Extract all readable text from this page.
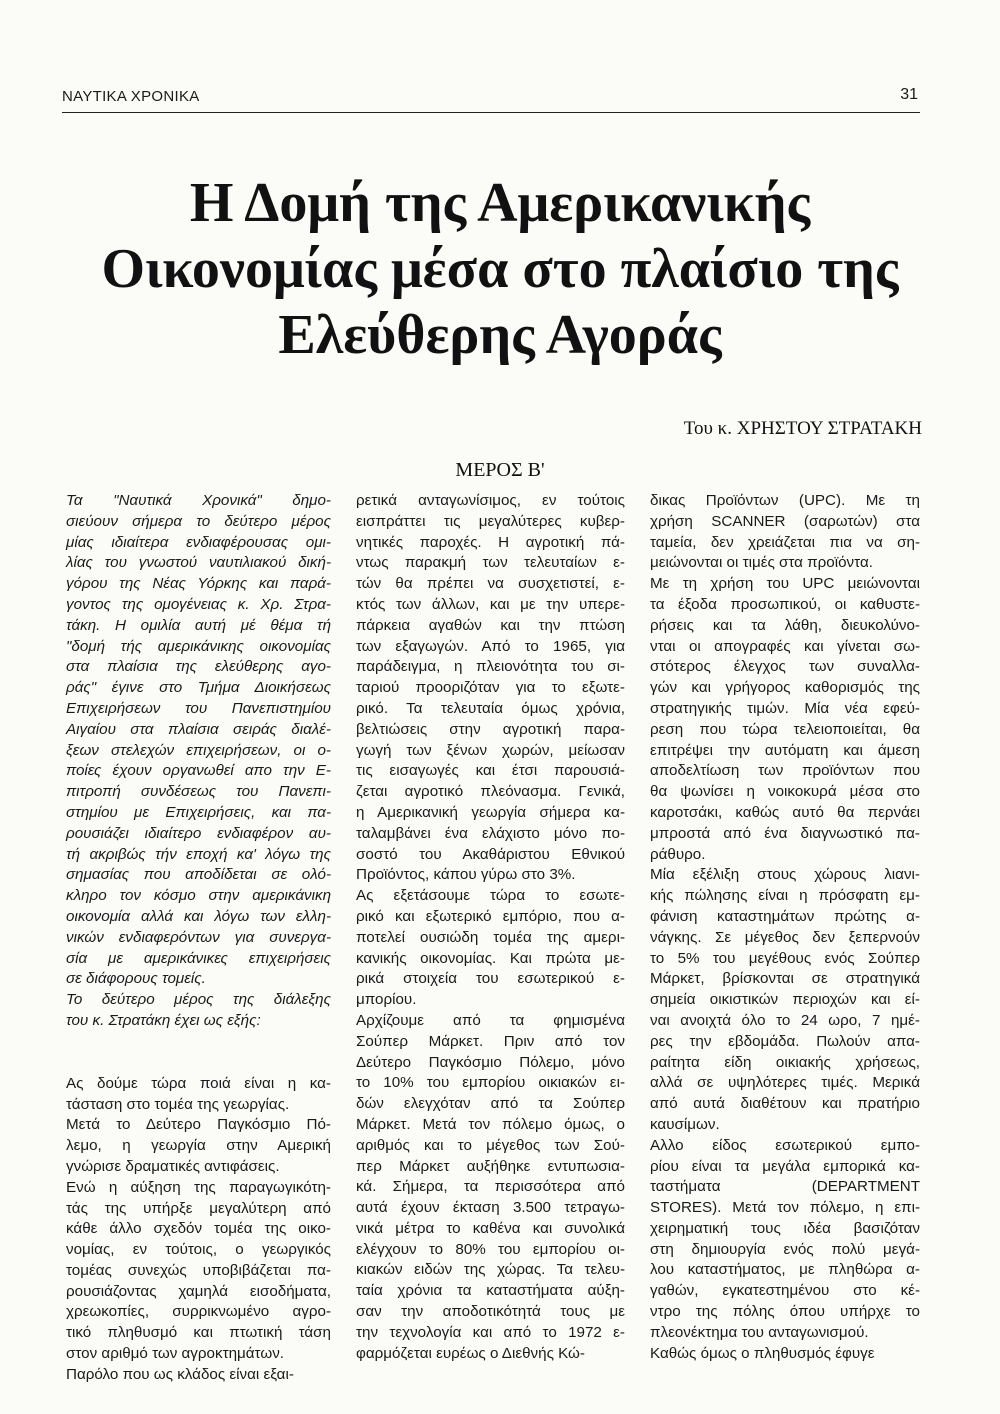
ΝΑΥΤΙΚΑ ΧΡΟΝΙΚΑ	31
Η Δομή της Αμερικανικής
Οικονομίας μέσα στο πλαίσιο της
Ελεύθερης Αγοράς
Του κ. ΧΡΗΣΤΟΥ ΣΤΡΑΤΑΚΗ
ΜΕΡΟΣ Β'
Τα "Ναυτικά Χρονικά" δημο-
σιεύουν σήμερα το δεύτερο μέρος
μίας ιδιαίτερα ενδιαφέρουσας ομι-
λίας του γνωστού ναυτιλιακού δική-
γόρου της Νέας Υόρκης και παρά-
γοντος της ομογένειας κ. Χρ. Στρα-
τάκη. Η ομιλία αυτή μέ θέμα τή
"δομή τής αμερικάνικης οικονομίας
στα πλαίσια της ελεύθερης αγο-
ράς" έγινε στο Τμήμα Διοικήσεως
Επιχειρήσεων του Πανεπιστημίου
Αιγαίου στα πλαίσια σειράς διαλέ-
ξεων στελεχών επιχειρήσεων, οι ο-
ποίες έχουν οργανωθεί απο την Ε-
πιτροπή συνδέσεως του Πανεπι-
στημίου με Επιχειρήσεις, και πα-
ρουσιάζει ιδιαίτερο ενδιαφέρον αυ-
τή ακριβώς τήν εποχή κα' λόγω της
σημασίας που αποδίδεται σε ολό-
κληρο τον κόσμο στην αμερικάνικη
οικονομία αλλά και λόγω των ελλη-
νικών ενδιαφερόντων για συνεργα-
σία με αμερικάνικες επιχειρήσεις
σε διάφορους τομείς.
Το δεύτερο μέρος της διάλεξης
του κ. Στρατάκη έχει ως εξής:
Ας δούμε τώρα ποιά είναι η κα-
τάσταση στο τομέα της γεωργίας.
Μετά το Δεύτερο Παγκόσμιο Πό-
λεμο, η γεωργία στην Αμερική
γνώρισε δραματικές αντιφάσεις.
Ενώ η αύξηση της παραγωγικότη-
τάς της υπήρξε μεγαλύτερη από
κάθε άλλο σχεδόν τομέα της οικο-
νομίας, εν τούτοις, ο γεωργικός
τομέας συνεχώς υποβιβάζεται πα-
ρουσιάζοντας χαμηλά εισοδήματα,
χρεωκοπίες, συρρικνωμένο αγρο-
τικό πληθυσμό και πτωτική τάση
στον αριθμό των αγροκτημάτων.
Παρόλο που ως κλάδος είναι εξαι-
ρετικά ανταγωνίσιμος, εν τούτοις
εισπράττει τις μεγαλύτερες κυβερ-
νητικές παροχές. Η αγροτική πά-
ντως παρακμή των τελευταίων ε-
τών θα πρέπει να συσχετιστεί, ε-
κτός των άλλων, και με την υπερε-
πάρκεια αγαθών και την πτώση
των εξαγωγών. Από το 1965, για
παράδειγμα, η πλειονότητα του σι-
ταριού προοριζόταν για το εξωτε-
ρικό. Τα τελευταία όμως χρόνια,
βελτιώσεις στην αγροτική παρα-
γωγή των ξένων χωρών, μείωσαν
τις εισαγωγές και έτσι παρουσιά-
ζεται αγροτικό πλεόνασμα. Γενικά,
η Αμερικανική γεωργία σήμερα κα-
ταλαμβάνει ένα ελάχιστο μόνο πο-
σοστό του Ακαθάριστου Εθνικού
Προϊόντος, κάπου γύρω στο 3%.
Ας εξετάσουμε τώρα το εσωτε-
ρικό και εξωτερικό εμπόριο, που α-
ποτελεί ουσιώδη τομέα της αμερι-
κανικής οικονομίας. Και πρώτα με-
ρικά στοιχεία του εσωτερικού ε-
μπορίου.
Αρχίζουμε από τα φημισμένα
Σούπερ Μάρκετ. Πριν από τον
Δεύτερο Παγκόσμιο Πόλεμο, μόνο
το 10% του εμπορίου οικιακών ει-
δών ελεγχόταν από τα Σούπερ
Μάρκετ. Μετά τον πόλεμο όμως, ο
αριθμός και το μέγεθος των Σού-
περ Μάρκετ αυξήθηκε εντυπωσια-
κά. Σήμερα, τα περισσότερα από
αυτά έχουν έκταση 3.500 τετραγω-
νικά μέτρα το καθένα και συνολικά
ελέγχουν το 80% του εμπορίου οι-
κιακών ειδών της χώρας. Τα τελευ-
ταία χρόνια τα καταστήματα αύξη-
σαν την αποδοτικότητά τους με
την τεχνολογία και από το 1972 ε-
φαρμόζεται ευρέως ο Διεθνής Κώ-
δικας Προϊόντων (UPC). Με τη
χρήση SCANNER (σαρωτών) στα
ταμεία, δεν χρειάζεται πια να ση-
μειώνονται οι τιμές στα προϊόντα.
Με τη χρήση του UPC μειώνονται
τα έξοδα προσωπικού, οι καθυστε-
ρήσεις και τα λάθη, διευκολύνο-
νται οι απογραφές και γίνεται σω-
στότερος έλεγχος των συναλλα-
γών και γρήγορος καθορισμός της
στρατηγικής τιμών. Μία νέα εφεύ-
ρεση που τώρα τελειοποιείται, θα
επιτρέψει την αυτόματη και άμεση
αποδελτίωση των προϊόντων που
θα ψωνίσει η νοικοκυρά μέσα στο
καροτσάκι, καθώς αυτό θα περνάει
μπροστά από ένα διαγνωστικό πα-
ράθυρο.
Μία εξέλιξη στους χώρους λιανι-
κής πώλησης είναι η πρόσφατη εμ-
φάνιση καταστημάτων πρώτης α-
νάγκης. Σε μέγεθος δεν ξεπερνούν
το 5% του μεγέθους ενός Σούπερ
Μάρκετ, βρίσκονται σε στρατηγικά
σημεία οικιστικών περιοχών και εί-
ναι ανοιχτά όλο το 24 ωρο, 7 ημέ-
ρες την εβδομάδα. Πωλούν απα-
ραίτητα είδη οικιακής χρήσεως,
αλλά σε υψηλότερες τιμές. Μερικά
από αυτά διαθέτουν και πρατήριο
καυσίμων.
Αλλο είδος εσωτερικού εμπο-
ρίου είναι τα μεγάλα εμπορικά κα-
ταστήματα (DEPARTMENT
STORES). Μετά τον πόλεμο, η επι-
χειρηματική τους ιδέα βασιζόταν
στη δημιουργία ενός πολύ μεγά-
λου καταστήματος, με πληθώρα α-
γαθών, εγκατεστημένου στο κέ-
ντρο της πόλης όπου υπήρχε το
πλεονέκτημα του ανταγωνισμού.
Καθώς όμως ο πληθυσμός έφυγε
